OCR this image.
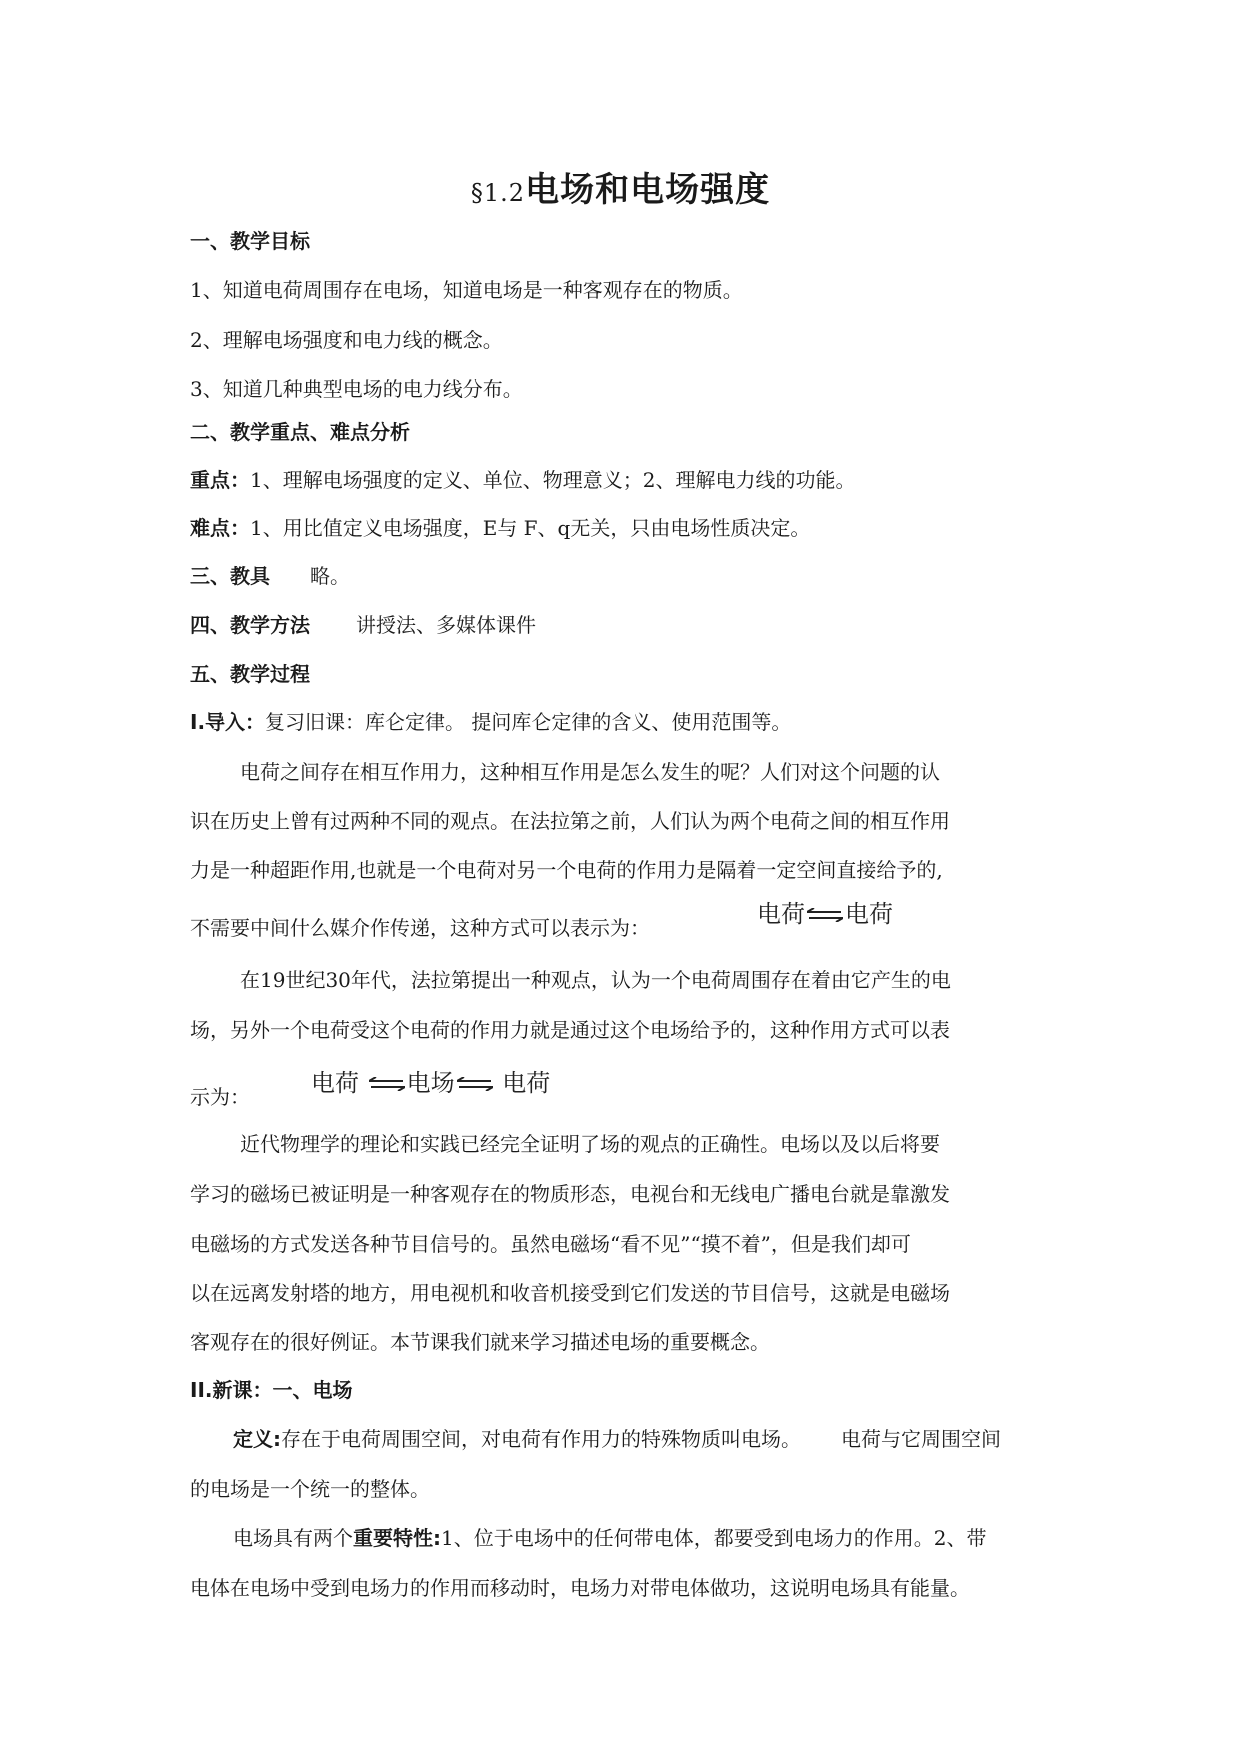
§1.2电场和电场强度
一、教学目标
1、知道电荷周围存在电场，知道电场是一种客观存在的物质。
2、理解电场强度和电力线的概念。
3、知道几种典型电场的电力线分布。
二、教学重点、难点分析
重点：1、理解电场强度的定义、单位、物理意义；2、理解电力线的功能。
难点：1、用比值定义电场强度，E与 F、q无关，只由电场性质决定。
三、教具 略。
四、教学方法 讲授法、多媒体课件
五、教学过程
Ⅰ.导入：复习旧课：库仑定律。 提问库仑定律的含义、使用范围等。
电荷之间存在相互作用力，这种相互作用是怎么发生的呢？人们对这个问题的认
识在历史上曾有过两种不同的观点。在法拉第之前，人们认为两个电荷之间的相互作用
力是一种超距作用,也就是一个电荷对另一个电荷的作用力是隔着一定空间直接给予的,
不需要中间什么媒介作传递，这种方式可以表示为：	电荷 电荷
在19世纪30年代，法拉第提出一种观点，认为一个电荷周围存在着由它产生的电
场，另外一个电荷受这个电荷的作用力就是通过这个电场给予的，这种作用方式可以表
示为：	电荷 电场 电荷
近代物理学的理论和实践已经完全证明了场的观点的正确性。电场以及以后将要
学习的磁场已被证明是一种客观存在的物质形态，电视台和无线电广播电台就是靠激发
电磁场的方式发送各种节目信号的。虽然电磁场“看不见”“摸不着”，但是我们却可
以在远离发射塔的地方，用电视机和收音机接受到它们发送的节目信号，这就是电磁场
客观存在的很好例证。本节课我们就来学习描述电场的重要概念。
II.新课：一、电场
定义:存在于电荷周围空间，对电荷有作用力的特殊物质叫电场。 电荷与它周围空间
的电场是一个统一的整体。
电场具有两个重要特性:1、位于电场中的任何带电体，都要受到电场力的作用。2、带
电体在电场中受到电场力的作用而移动时，电场力对带电体做功，这说明电场具有能量。
